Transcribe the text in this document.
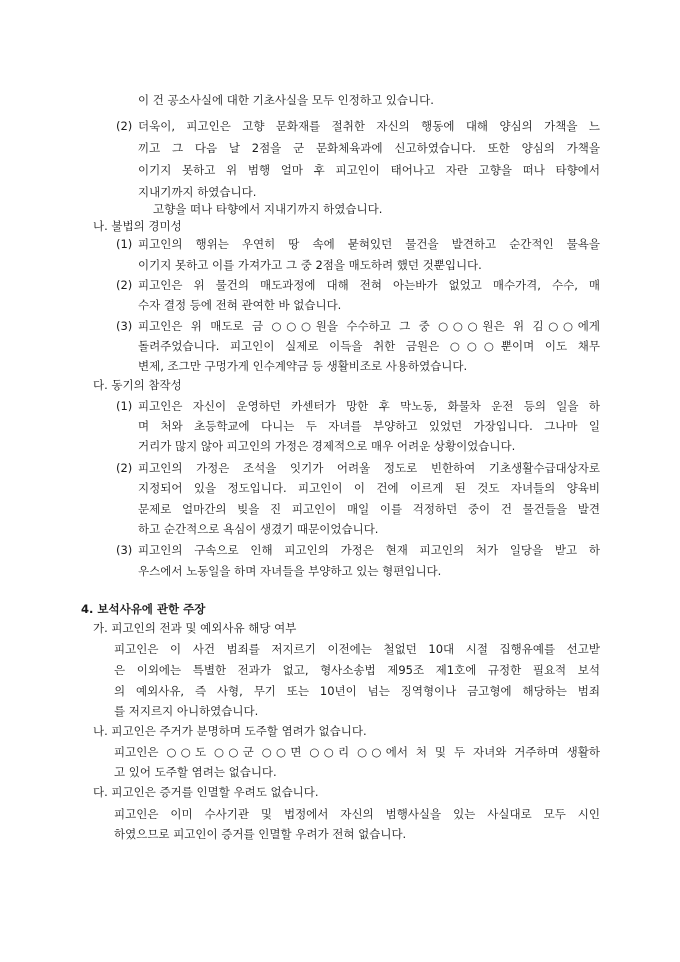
이 건 공소사실에 대한 기초사실을 모두 인정하고 있습니다.
(2) 더욱이, 피고인은 고향 문화재를 절취한 자신의 행동에 대해 양심의 가책을 느
끼고 그 다음 날 2점을 군 문화체육과에 신고하였습니다. 또한 양심의 가책을
이기지 못하고 위 범행 얼마 후 피고인이 태어나고 자란 고향을 떠나 타향에서
지내기까지 하였습니다.
고향을 떠나 타향에서 지내기까지 하였습니다.
나. 불법의 경미성
(1) 피고인의 행위는 우연히 땅 속에 묻혀있던 물건을 발견하고 순간적인 물욕을
이기지 못하고 이를 가져가고 그 중 2점을 매도하려 했던 것뿐입니다.
(2) 피고인은 위 물건의 매도과정에 대해 전혀 아는바가 없었고 매수가격, 수수, 매
수자 결정 등에 전혀 관여한 바 없습니다.
(3) 피고인은 위 매도로 금 ○○○원을 수수하고 그 중 ○○○원은 위 김○○에게
돌려주었습니다. 피고인이 실제로 이득을 취한 금원은 ○○○뿐이며 이도 채무
변제, 조그만 구멍가게 인수계약금 등 생활비조로 사용하였습니다.
다. 동기의 참작성
(1) 피고인은 자신이 운영하던 카센터가 망한 후 막노동, 화물차 운전 등의 일을 하
며 처와 초등학교에 다니는 두 자녀를 부양하고 있었던 가장입니다. 그나마 일
거리가 많지 않아 피고인의 가정은 경제적으로 매우 어려운 상황이었습니다.
(2) 피고인의 가정은 조석을 잇기가 어려울 정도로 빈한하여 기초생활수급대상자로
지정되어 있을 정도입니다. 피고인이 이 건에 이르게 된 것도 자녀들의 양육비
문제로 얼마간의 빚을 진 피고인이 매일 이를 걱정하던 중이 건 물건들을 발견
하고 순간적으로 욕심이 생겼기 때문이었습니다.
(3) 피고인의 구속으로 인해 피고인의 가정은 현재 피고인의 처가 일당을 받고 하
우스에서 노동일을 하며 자녀들을 부양하고 있는 형편입니다.
4. 보석사유에 관한 주장
가. 피고인의 전과 및 예외사유 해당 여부
피고인은 이 사건 범죄를 저지르기 이전에는 철없던 10대 시절 집행유예를 선고받
은 이외에는 특별한 전과가 없고, 형사소송법 제95조 제1호에 규정한 필요적 보석
의 예외사유, 즉 사형, 무기 또는 10년이 넘는 징역형이나 금고형에 해당하는 범죄
를 저지르지 아니하였습니다.
나. 피고인은 주거가 분명하며 도주할 염려가 없습니다.
피고인은 ○○도 ○○군 ○○면 ○○리 ○○에서 처 및 두 자녀와 거주하며 생활하
고 있어 도주할 염려는 없습니다.
다. 피고인은 증거를 인멸할 우려도 없습니다.
피고인은 이미 수사기관 및 법정에서 자신의 범행사실을 있는 사실대로 모두 시인
하였으므로 피고인이 증거를 인멸할 우려가 전혀 없습니다.
